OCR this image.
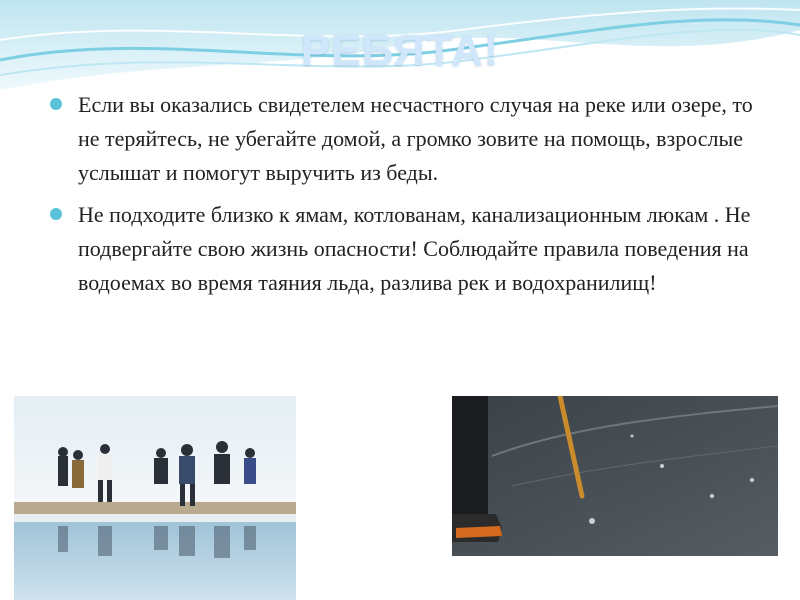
РЕБЯТА!
Если вы оказались свидетелем несчастного случая на реке или озере, то не теряйтесь, не убегайте домой, а громко зовите на помощь, взрослые услышат и помогут выручить из беды.
Не подходите близко к ямам, котлованам, канализационным люкам . Не подвергайте свою жизнь опасности! Соблюдайте правила поведения на водоемах во время таяния льда, разлива рек и водохранилищ!
